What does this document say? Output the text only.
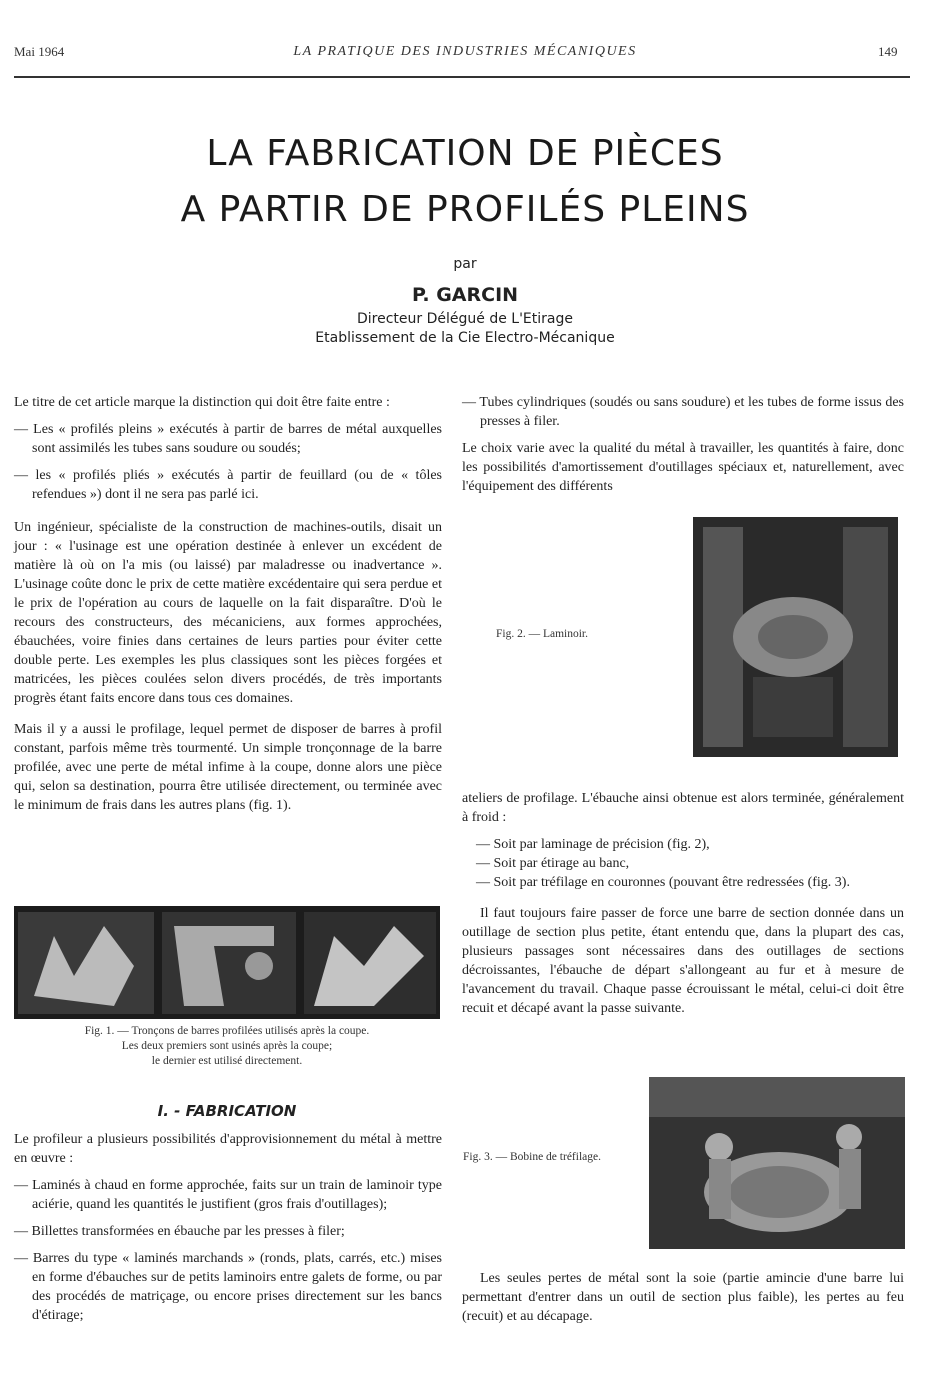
Mai 1964	LA PRATIQUE DES INDUSTRIES MÉCANIQUES	149
LA FABRICATION DE PIÈCES
A PARTIR DE PROFILÉS PLEINS
par
P. GARCIN
Directeur Délégué de L'Etirage
Etablissement de la Cie Electro-Mécanique

Le titre de cet article marque la distinction qui doit être faite entre :

— Les « profilés pleins » exécutés à partir de barres de métal auxquelles sont assimilés les tubes sans soudure ou soudés;

— les « profilés pliés » exécutés à partir de feuillard (ou de « tôles refendues ») dont il ne sera pas parlé ici.

Un ingénieur, spécialiste de la construction de machines-outils, disait un jour : « l'usinage est une opération destinée à enlever un excédent de matière là où on l'a mis (ou laissé) par maladresse ou inadvertance ». L'usinage coûte donc le prix de cette matière excédentaire qui sera perdue et le prix de l'opération au cours de laquelle on la fait disparaître. D'où le recours des constructeurs, des mécaniciens, aux formes approchées, ébauchées, voire finies dans certaines de leurs parties pour éviter cette double perte. Les exemples les plus classiques sont les pièces forgées et matricées, les pièces coulées selon divers procédés, de très importants progrès étant faits encore dans tous ces domaines.

Mais il y a aussi le profilage, lequel permet de disposer de barres à profil constant, parfois même très tourmenté. Un simple tronçonnage de la barre profilée, avec une perte de métal infime à la coupe, donne alors une pièce qui, selon sa destination, pourra être utilisée directement, ou terminée avec le minimum de frais dans les autres plans (fig. 1).

Fig. 1. — Tronçons de barres profilées utilisés après la coupe.
Les deux premiers sont usinés après la coupe;
le dernier est utilisé directement.
I. - FABRICATION

Le profileur a plusieurs possibilités d'approvisionnement du métal à mettre en œuvre :

— Laminés à chaud en forme approchée, faits sur un train de laminoir type aciérie, quand les quantités le justifient (gros frais d'outillages);

— Billettes transformées en ébauche par les presses à filer;

— Barres du type « laminés marchands » (ronds, plats, carrés, etc.) mises en forme d'ébauches sur de petits laminoirs entre galets de forme, ou par des procédés de matriçage, ou encore prises directement sur les bancs d'étirage;

— Tubes cylindriques (soudés ou sans soudure) et les tubes de forme issus des presses à filer.

Le choix varie avec la qualité du métal à travailler, les quantités à faire, donc les possibilités d'amortissement d'outillages spéciaux et, naturellement, avec l'équipement des différents

Fig. 2. — Laminoir.

ateliers de profilage. L'ébauche ainsi obtenue est alors terminée, généralement à froid :

— Soit par laminage de précision (fig. 2),

— Soit par étirage au banc,

— Soit par tréfilage en couronnes (pouvant être redressées (fig. 3).

Il faut toujours faire passer de force une barre de section donnée dans un outillage de section plus petite, étant entendu que, dans la plupart des cas, plusieurs passages sont nécessaires dans des outillages de sections décroissantes, l'ébauche de départ s'allongeant au fur et à mesure de l'avancement du travail. Chaque passe écrouissant le métal, celui-ci doit être recuit et décapé avant la passe suivante.

Fig. 3. — Bobine de tréfilage.

Les seules pertes de métal sont la soie (partie amincie d'une barre lui permettant d'entrer dans un outil de section plus faible), les pertes au feu (recuit) et au décapage.
